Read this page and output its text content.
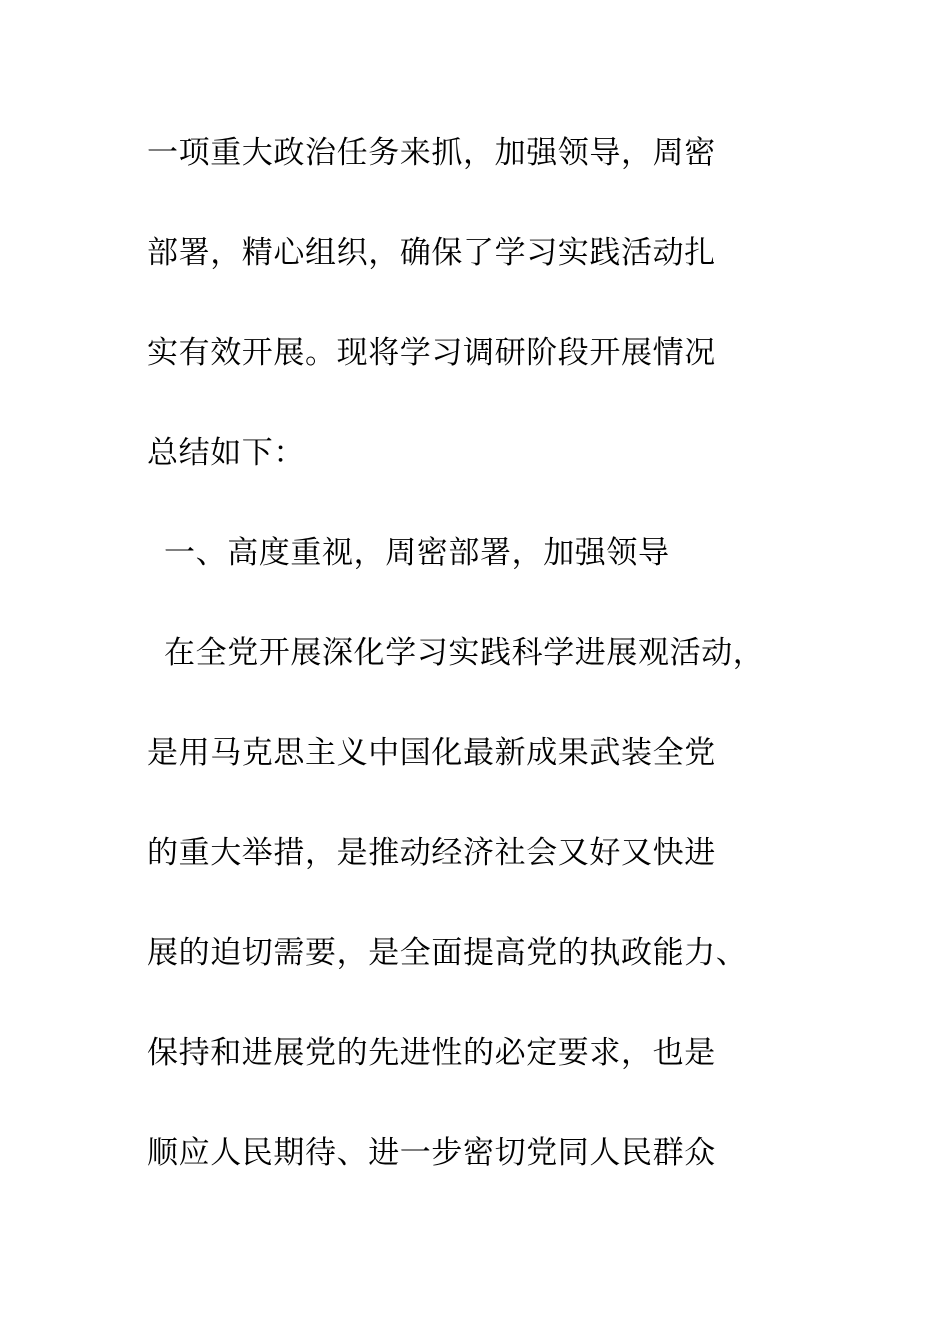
一项重大政治任务来抓，加强领导，周密
部署，精心组织，确保了学习实践活动扎
实有效开展。现将学习调研阶段开展情况
总结如下：
一、高度重视，周密部署，加强领导
在全党开展深化学习实践科学进展观活动，
是用马克思主义中国化最新成果武装全党
的重大举措，是推动经济社会又好又快进
展的迫切需要，是全面提高党的执政能力、
保持和进展党的先进性的必定要求，也是
顺应人民期待、进一步密切党同人民群众
